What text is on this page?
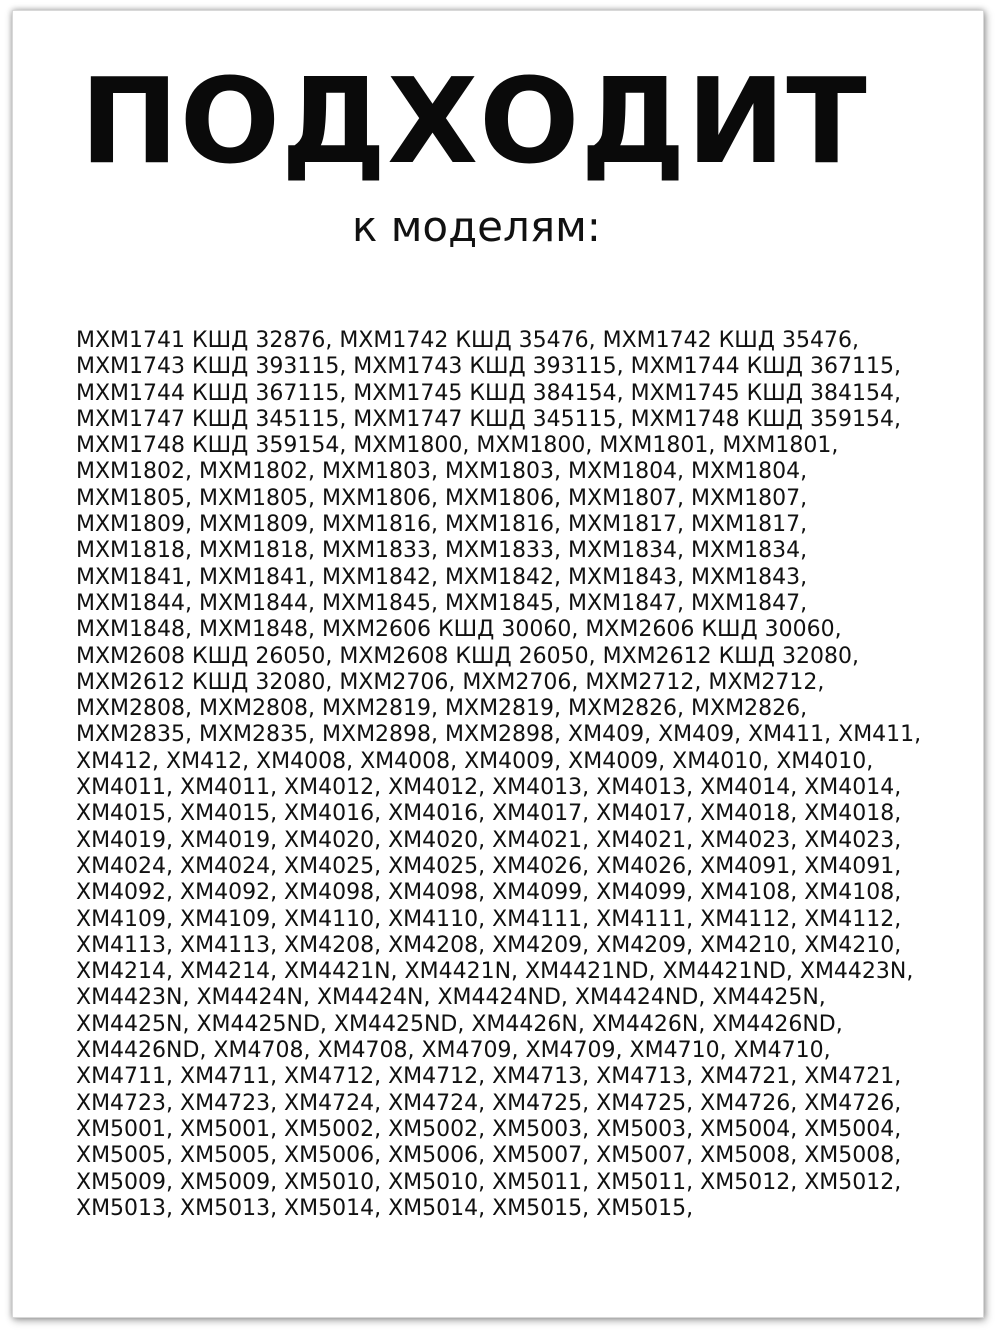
ПОДХОДИТ
к моделям:
MXM1741 КШД 32876, MXM1742 КШД 35476, MXM1742 КШД 35476, MXM1743 КШД 393115, MXM1743 КШД 393115, MXM1744 КШД 367115, MXM1744 КШД 367115, MXM1745 КШД 384154, MXM1745 КШД 384154, MXM1747 КШД 345115, MXM1747 КШД 345115, MXM1748 КШД 359154, MXM1748 КШД 359154, MXM1800, MXM1800, MXM1801, MXM1801, MXM1802, MXM1802, MXM1803, MXM1803, MXM1804, MXM1804, MXM1805, MXM1805, MXM1806, MXM1806, MXM1807, MXM1807, MXM1809, MXM1809, MXM1816, MXM1816, MXM1817, MXM1817, MXM1818, MXM1818, MXM1833, MXM1833, MXM1834, MXM1834, MXM1841, MXM1841, MXM1842, MXM1842, MXM1843, MXM1843, MXM1844, MXM1844, MXM1845, MXM1845, MXM1847, MXM1847, MXM1848, MXM1848, MXM2606 КШД 30060, MXM2606 КШД 30060, MXM2608 КШД 26050, MXM2608 КШД 26050, MXM2612 КШД 32080, MXM2612 КШД 32080, MXM2706, MXM2706, MXM2712, MXM2712, MXM2808, MXM2808, MXM2819, MXM2819, MXM2826, MXM2826, MXM2835, MXM2835, MXM2898, MXM2898, XM409, XM409, XM411, XM411, XM412, XM412, XM4008, XM4008, XM4009, XM4009, XM4010, XM4010, XM4011, XM4011, XM4012, XM4012, XM4013, XM4013, XM4014, XM4014, XM4015, XM4015, XM4016, XM4016, XM4017, XM4017, XM4018, XM4018, XM4019, XM4019, XM4020, XM4020, XM4021, XM4021, XM4023, XM4023, XM4024, XM4024, XM4025, XM4025, XM4026, XM4026, XM4091, XM4091, XM4092, XM4092, XM4098, XM4098, XM4099, XM4099, XM4108, XM4108, XM4109, XM4109, XM4110, XM4110, XM4111, XM4111, XM4112, XM4112, XM4113, XM4113, XM4208, XM4208, XM4209, XM4209, XM4210, XM4210, XM4214, XM4214, XM4421N, XM4421N, XM4421ND, XM4421ND, XM4423N, XM4423N, XM4424N, XM4424N, XM4424ND, XM4424ND, XM4425N, XM4425N, XM4425ND, XM4425ND, XM4426N, XM4426N, XM4426ND, XM4426ND, XM4708, XM4708, XM4709, XM4709, XM4710, XM4710, XM4711, XM4711, XM4712, XM4712, XM4713, XM4713, XM4721, XM4721, XM4723, XM4723, XM4724, XM4724, XM4725, XM4725, XM4726, XM4726, XM5001, XM5001, XM5002, XM5002, XM5003, XM5003, XM5004, XM5004, XM5005, XM5005, XM5006, XM5006, XM5007, XM5007, XM5008, XM5008, XM5009, XM5009, XM5010, XM5010, XM5011, XM5011, XM5012, XM5012, XM5013, XM5013, XM5014, XM5014, XM5015, XM5015,
